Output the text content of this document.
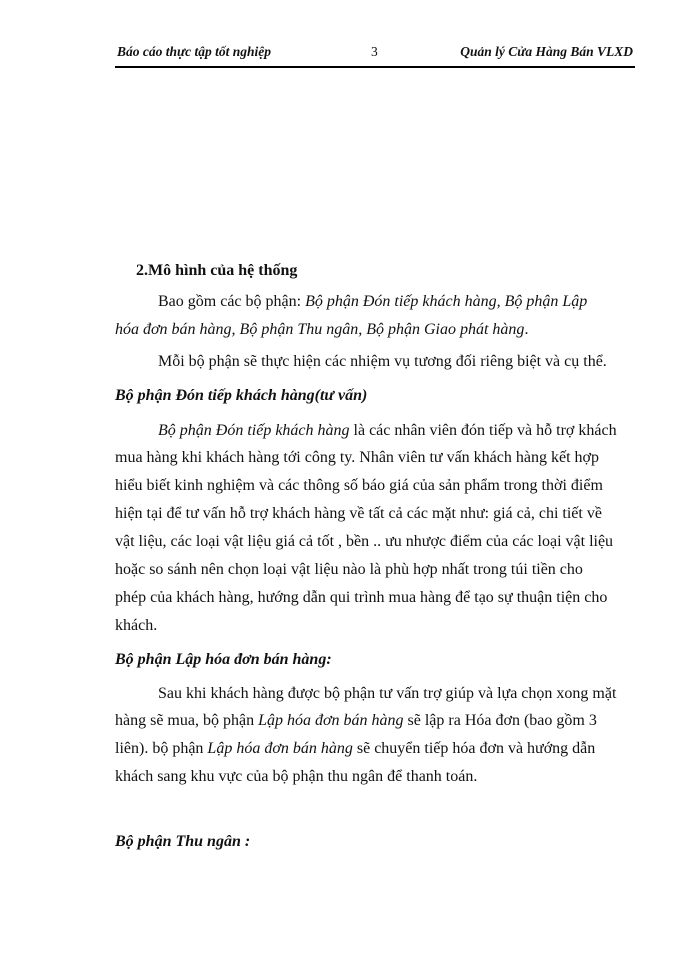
Báo cáo thực tập tốt nghiệp	3	Quản lý Cửa Hàng Bán VLXD
2.Mô hình của hệ thống
Bao gồm các bộ phận: Bộ phận Đón tiếp khách hàng, Bộ phận Lập
hóa đơn bán hàng, Bộ phận Thu ngân, Bộ phận Giao phát hàng.
Mỗi bộ phận sẽ thực hiện các nhiệm vụ tương đối riêng biệt và cụ thể.
Bộ phận Đón tiếp khách hàng(tư vấn)
Bộ phận Đón tiếp khách hàng là các nhân viên đón tiếp và hỗ trợ khách
mua hàng khi khách hàng tới công ty. Nhân viên tư vấn khách hàng kết hợp
hiểu biết kinh nghiệm và các thông số báo giá của sản phẩm trong thời điểm
hiện tại để tư vấn hỗ trợ khách hàng về tất cả các mặt như: giá cả, chi tiết về
vật liệu, các loại vật liệu giá cả tốt , bền .. ưu nhược điểm của các loại vật liệu
hoặc so sánh nên chọn loại vật liệu nào là phù hợp nhất trong túi tiền cho
phép của khách hàng, hướng dẫn qui trình mua hàng để tạo sự thuận tiện cho
khách.
Bộ phận Lập hóa đơn bán hàng:
Sau khi khách hàng được bộ phận tư vấn trợ giúp và lựa chọn xong mặt
hàng sẽ mua, bộ phận Lập hóa đơn bán hàng sẽ lập ra Hóa đơn (bao gồm 3
liên). bộ phận Lập hóa đơn bán hàng sẽ chuyển tiếp hóa đơn và hướng dẫn
khách sang khu vực của bộ phận thu ngân để thanh toán.
Bộ phận Thu ngân :
